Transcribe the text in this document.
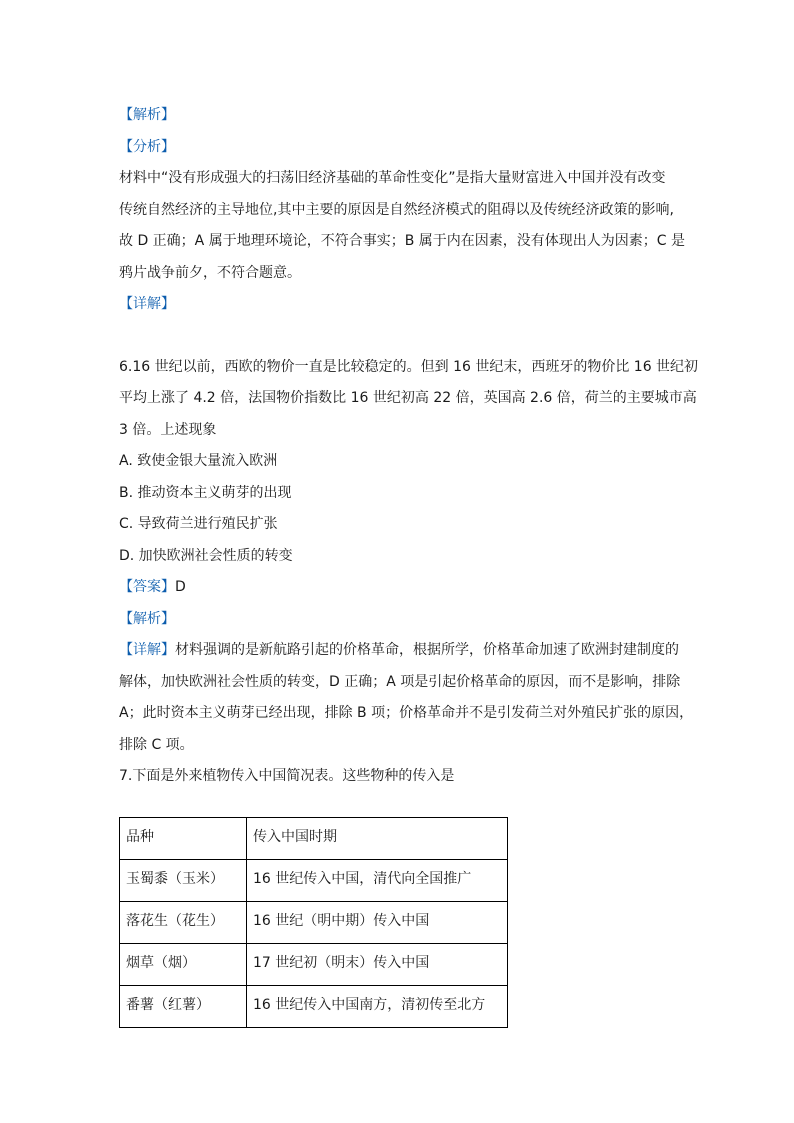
【解析】
【分析】
材料中“没有形成强大的扫荡旧经济基础的革命性变化”是指大量财富进入中国并没有改变
传统自然经济的主导地位,其中主要的原因是自然经济模式的阻碍以及传统经济政策的影响,
故 D 正确；A 属于地理环境论，不符合事实；B 属于内在因素，没有体现出人为因素；C 是
鸦片战争前夕，不符合题意。
【详解】
6.16 世纪以前，西欧的物价一直是比较稳定的。但到 16 世纪末，西班牙的物价比 16 世纪初
平均上涨了 4.2 倍，法国物价指数比 16 世纪初高 22 倍，英国高 2.6 倍，荷兰的主要城市高
3 倍。上述现象
A. 致使金银大量流入欧洲
B. 推动资本主义萌芽的出现
C. 导致荷兰进行殖民扩张
D. 加快欧洲社会性质的转变
【答案】D
【解析】
【详解】材料强调的是新航路引起的价格革命，根据所学，价格革命加速了欧洲封建制度的
解体，加快欧洲社会性质的转变，D 正确；A 项是引起价格革命的原因，而不是影响，排除
A；此时资本主义萌芽已经出现，排除 B 项；价格革命并不是引发荷兰对外殖民扩张的原因，
排除 C 项。
7.下面是外来植物传入中国简况表。这些物种的传入是
品种	传入中国时期
玉蜀黍（玉米）	16 世纪传入中国，清代向全国推广
落花生（花生）	16 世纪（明中期）传入中国
烟草（烟）	17 世纪初（明末）传入中国
番薯（红薯）	16 世纪传入中国南方，清初传至北方
